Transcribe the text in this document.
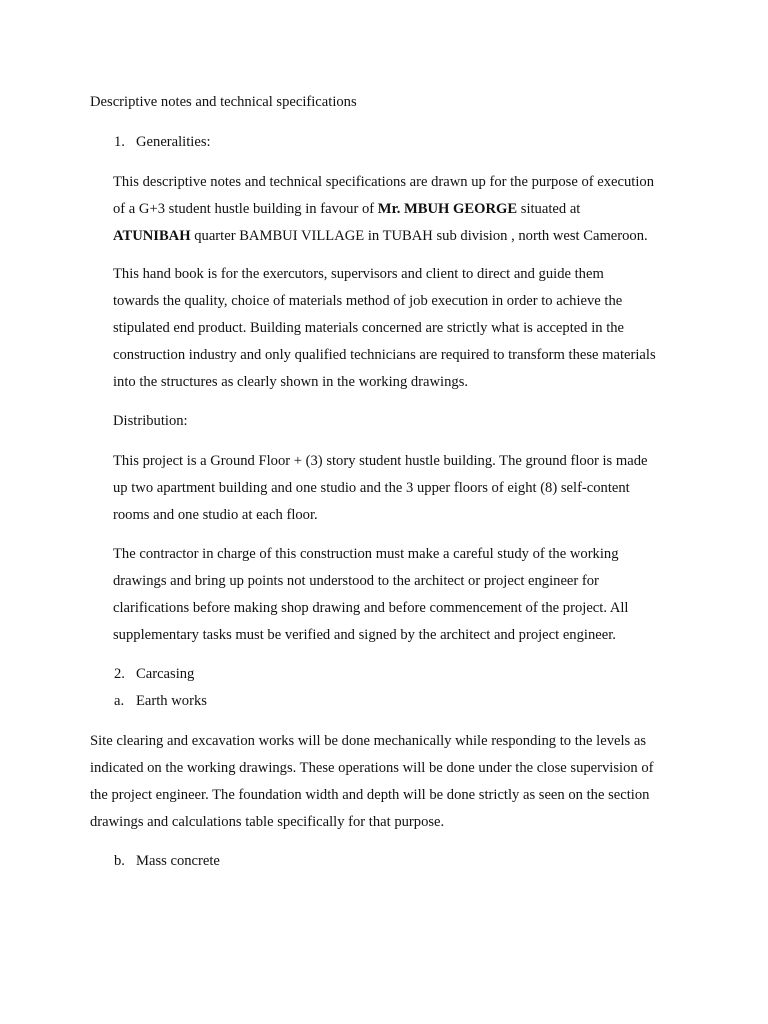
Descriptive notes and technical specifications
1. Generalities:
This descriptive notes and technical specifications are drawn up for the purpose of execution
of a G+3 student hustle building in favour of Mr. MBUH GEORGE situated at
ATUNIBAH quarter BAMBUI VILLAGE in TUBAH sub division , north west Cameroon.
This hand book is for the exercutors, supervisors and client to direct and guide them
towards the quality, choice of materials method of job execution in order to achieve the
stipulated end product. Building materials concerned are strictly what is accepted in the
construction industry and only qualified technicians are required to transform these materials
into the structures as clearly shown in the working drawings.
Distribution:
This project is a Ground Floor + (3) story student hustle building. The ground floor is made
up two apartment building and one studio and the 3 upper floors of eight (8) self-content
rooms and one studio at each floor.
The contractor in charge of this construction must make a careful study of the working
drawings and bring up points not understood to the architect or project engineer for
clarifications before making shop drawing and before commencement of the project. All
supplementary tasks must be verified and signed by the architect and project engineer.
2. Carcasing
a. Earth works
Site clearing and excavation works will be done mechanically while responding to the levels as
indicated on the working drawings. These operations will be done under the close supervision of
the project engineer. The foundation width and depth will be done strictly as seen on the section
drawings and calculations table specifically for that purpose.
b. Mass concrete
